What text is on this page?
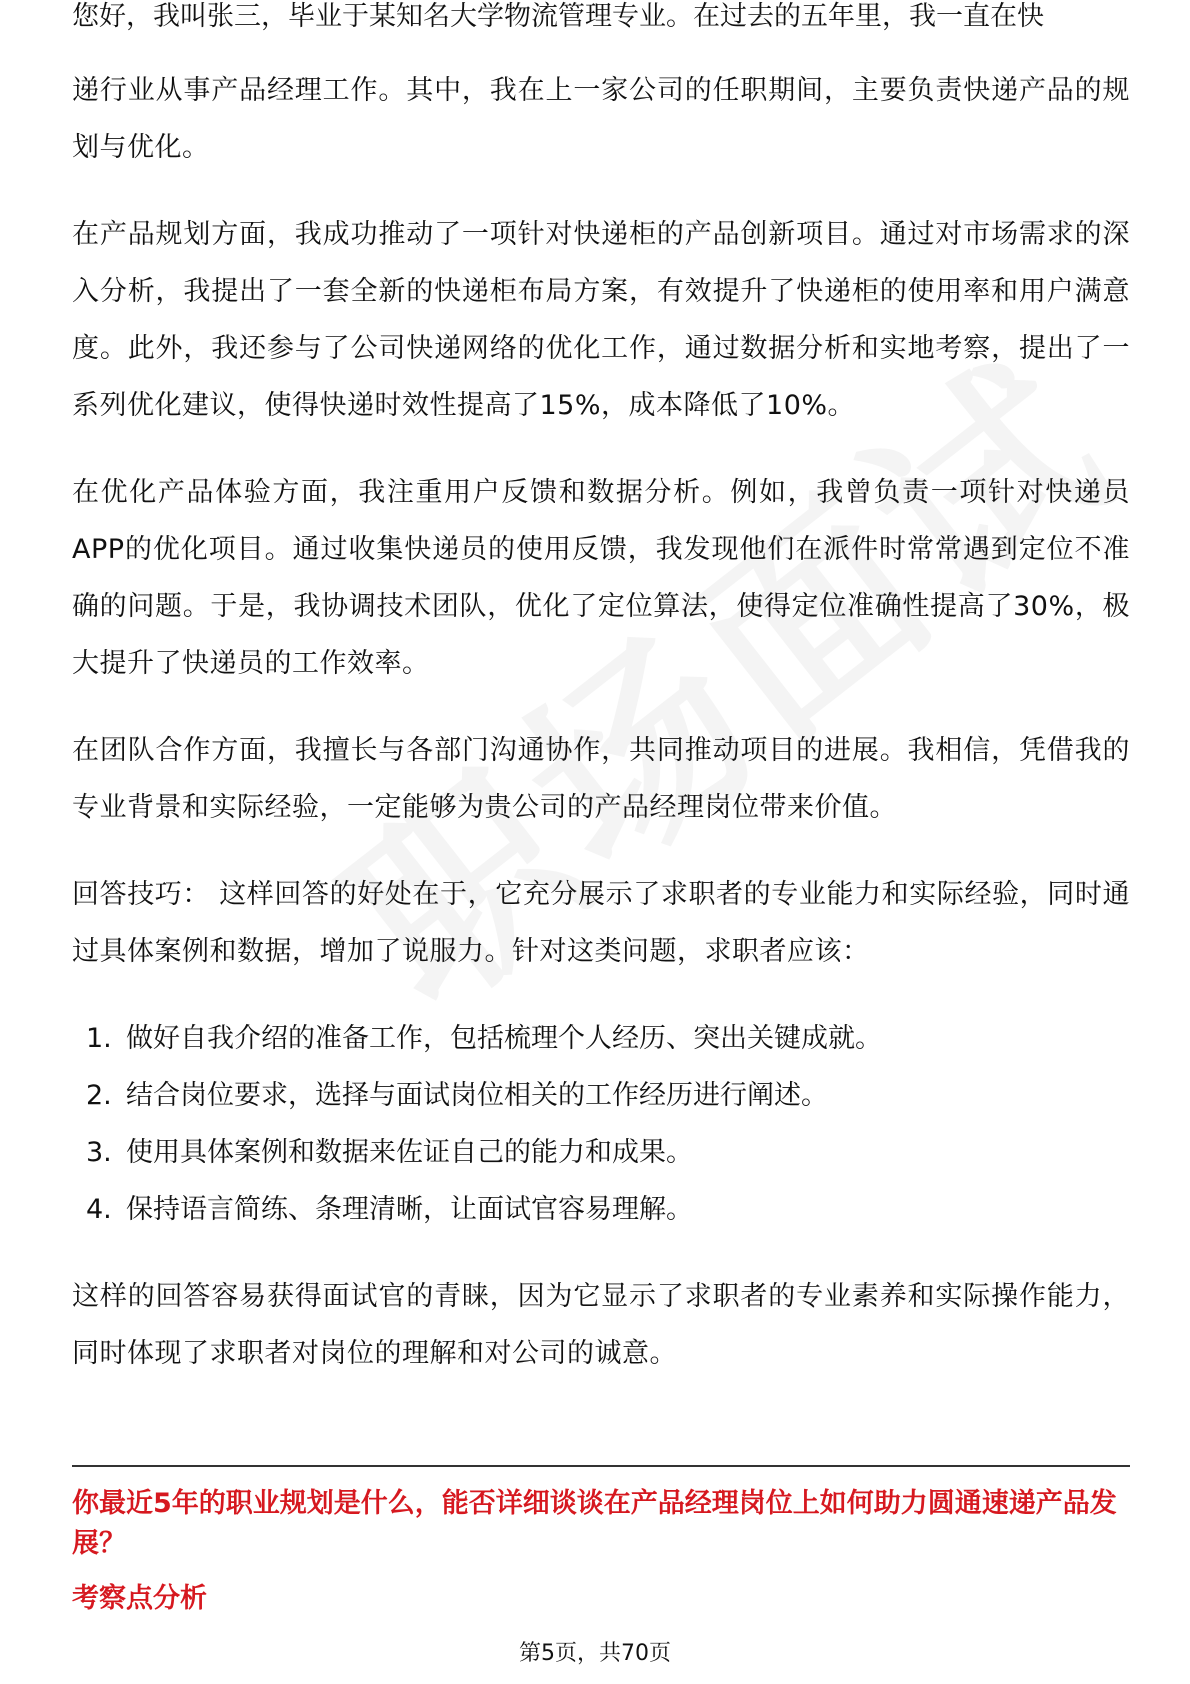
您好，我叫张三，毕业于某知名大学物流管理专业。在过去的五年里，我一直在快

递行业从事产品经理工作。其中，我在上一家公司的任职期间，主要负责快递产品的规划与优化。

在产品规划方面，我成功推动了一项针对快递柜的产品创新项目。通过对市场需求的深入分析，我提出了一套全新的快递柜布局方案，有效提升了快递柜的使用率和用户满意度。此外，我还参与了公司快递网络的优化工作，通过数据分析和实地考察，提出了一系列优化建议，使得快递时效性提高了15%，成本降低了10%。

在优化产品体验方面，我注重用户反馈和数据分析。例如，我曾负责一项针对快递员APP的优化项目。通过收集快递员的使用反馈，我发现他们在派件时常常遇到定位不准确的问题。于是，我协调技术团队，优化了定位算法，使得定位准确性提高了30%，极大提升了快递员的工作效率。

在团队合作方面，我擅长与各部门沟通协作，共同推动项目的进展。我相信，凭借我的专业背景和实际经验，一定能够为贵公司的产品经理岗位带来价值。

回答技巧： 这样回答的好处在于，它充分展示了求职者的专业能力和实际经验，同时通过具体案例和数据，增加了说服力。针对这类问题，求职者应该：

1. 做好自我介绍的准备工作，包括梳理个人经历、突出关键成就。
2. 结合岗位要求，选择与面试岗位相关的工作经历进行阐述。
3. 使用具体案例和数据来佐证自己的能力和成果。
4. 保持语言简练、条理清晰，让面试官容易理解。

这样的回答容易获得面试官的青睐，因为它显示了求职者的专业素养和实际操作能力，同时体现了求职者对岗位的理解和对公司的诚意。

你最近5年的职业规划是什么，能否详细谈谈在产品经理岗位上如何助力圆通速递产品发展？
考察点分析
第5页，共70页
